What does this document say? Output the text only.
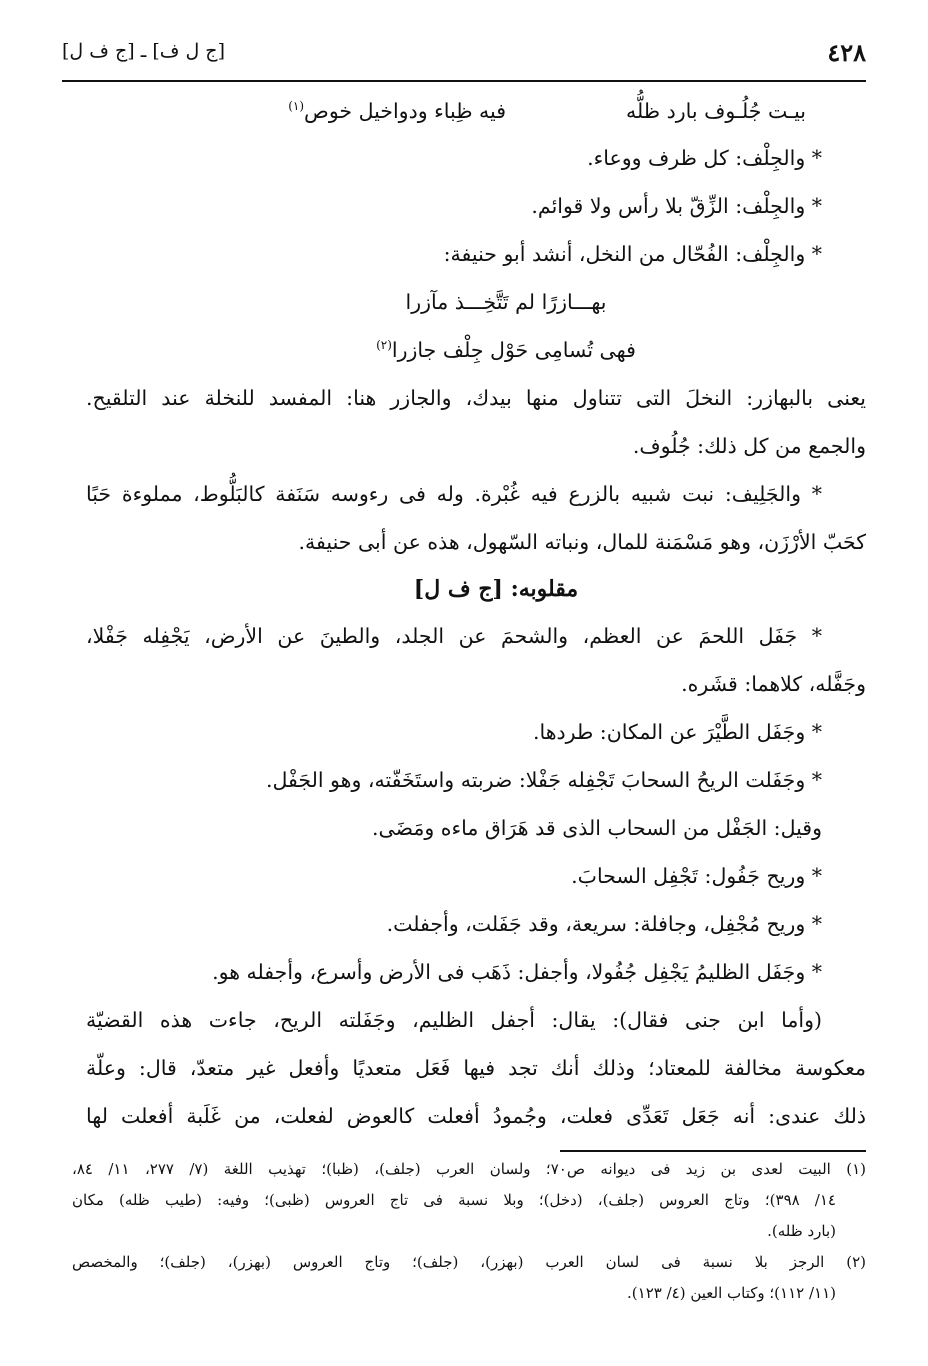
٤٢٨
[ج ل ف] ـ [ج ف ل]
بيـت جُلُـوف بارد ظلُّه
فيه ظِباء ودواخيل خوص$^{(١)}$
* والجِلْف: كل ظرف ووعاء.
* والجِلْف: الزِّقّ بلا رأس ولا قوائم.
* والجِلْف: الفُحّال من النخل، أنشد أبو حنيفة:
بهـــازرًا لم تَتَّخِـــذ مآزرا
فهى تُسامِى حَوْل جِلْف جازرا$^{(٢)}$
يعنى بالبهازر: النخلَ التى تتناول منها بيدك، والجازر هنا: المفسد للنخلة عند التلقيح.
والجمع من كل ذلك: جُلُوف.
* والجَلِيف: نبت شبيه بالزرع فيه غُبْرة. وله فى رءوسه سَنَفة كالبَلُّوط، مملوءة حَبًا
كحَبّ الأرْزَن، وهو مَسْمَنة للمال، ونباته السّهول، هذه عن أبى حنيفة.
مقلوبه: [ج ف ل]
* جَفَل اللحمَ عن العظم، والشحمَ عن الجلد، والطينَ عن الأرض، يَجْفِله جَفْلا،
وجَفَّله، كلاهما: قشَره.
* وجَفَل الطَّيْرَ عن المكان: طردها.
* وجَفَلت الريحُ السحابَ تَجْفِله جَفْلا: ضربته واستَخَفّته، وهو الجَفْل.
وقيل: الجَفْل من السحاب الذى قد هَرَاق ماءه ومَضَى.
* وريح جَفُول: تَجْفِل السحابَ.
* وريح مُجْفِل، وجافلة: سريعة، وقد جَفَلت، وأجفلت.
* وجَفَل الظليمُ يَجْفِل جُفُولا، وأجفل: ذَهَب فى الأرض وأسرع، وأجفله هو.
(وأما ابن جنى فقال): يقال: أجفل الظليم، وجَفَلته الريح، جاءت هذه القضيّة
معكوسة مخالفة للمعتاد؛ وذلك أنك تجد فيها فَعَل متعديًا وأفعل غير متعدّ، قال: وعلّة
ذلك عندى: أنه جَعَل تَعَدِّى فعلت، وجُمودُ أفعلت كالعوض لفعلت، من غَلَبة أفعلت لها
(١) البيت لعدى بن زيد فى ديوانه ص٧٠؛ ولسان العرب (جلف)، (ظبا)؛ تهذيب اللغة (٧/ ٢٧٧، ١١/ ٨٤،
١٤/ ٣٩٨)؛ وتاج العروس (جلف)، (دخل)؛ وبلا نسبة فى تاج العروس (ظبى)؛ وفيه: (طيب ظله) مكان
(بارد ظله).
(٢) الرجز بلا نسبة فى لسان العرب (بهزر)، (جلف)؛ وتاج العروس (بهزر)، (جلف)؛ والمخصص
(١١/ ١١٢)؛ وكتاب العين (٤/ ١٢٣).
